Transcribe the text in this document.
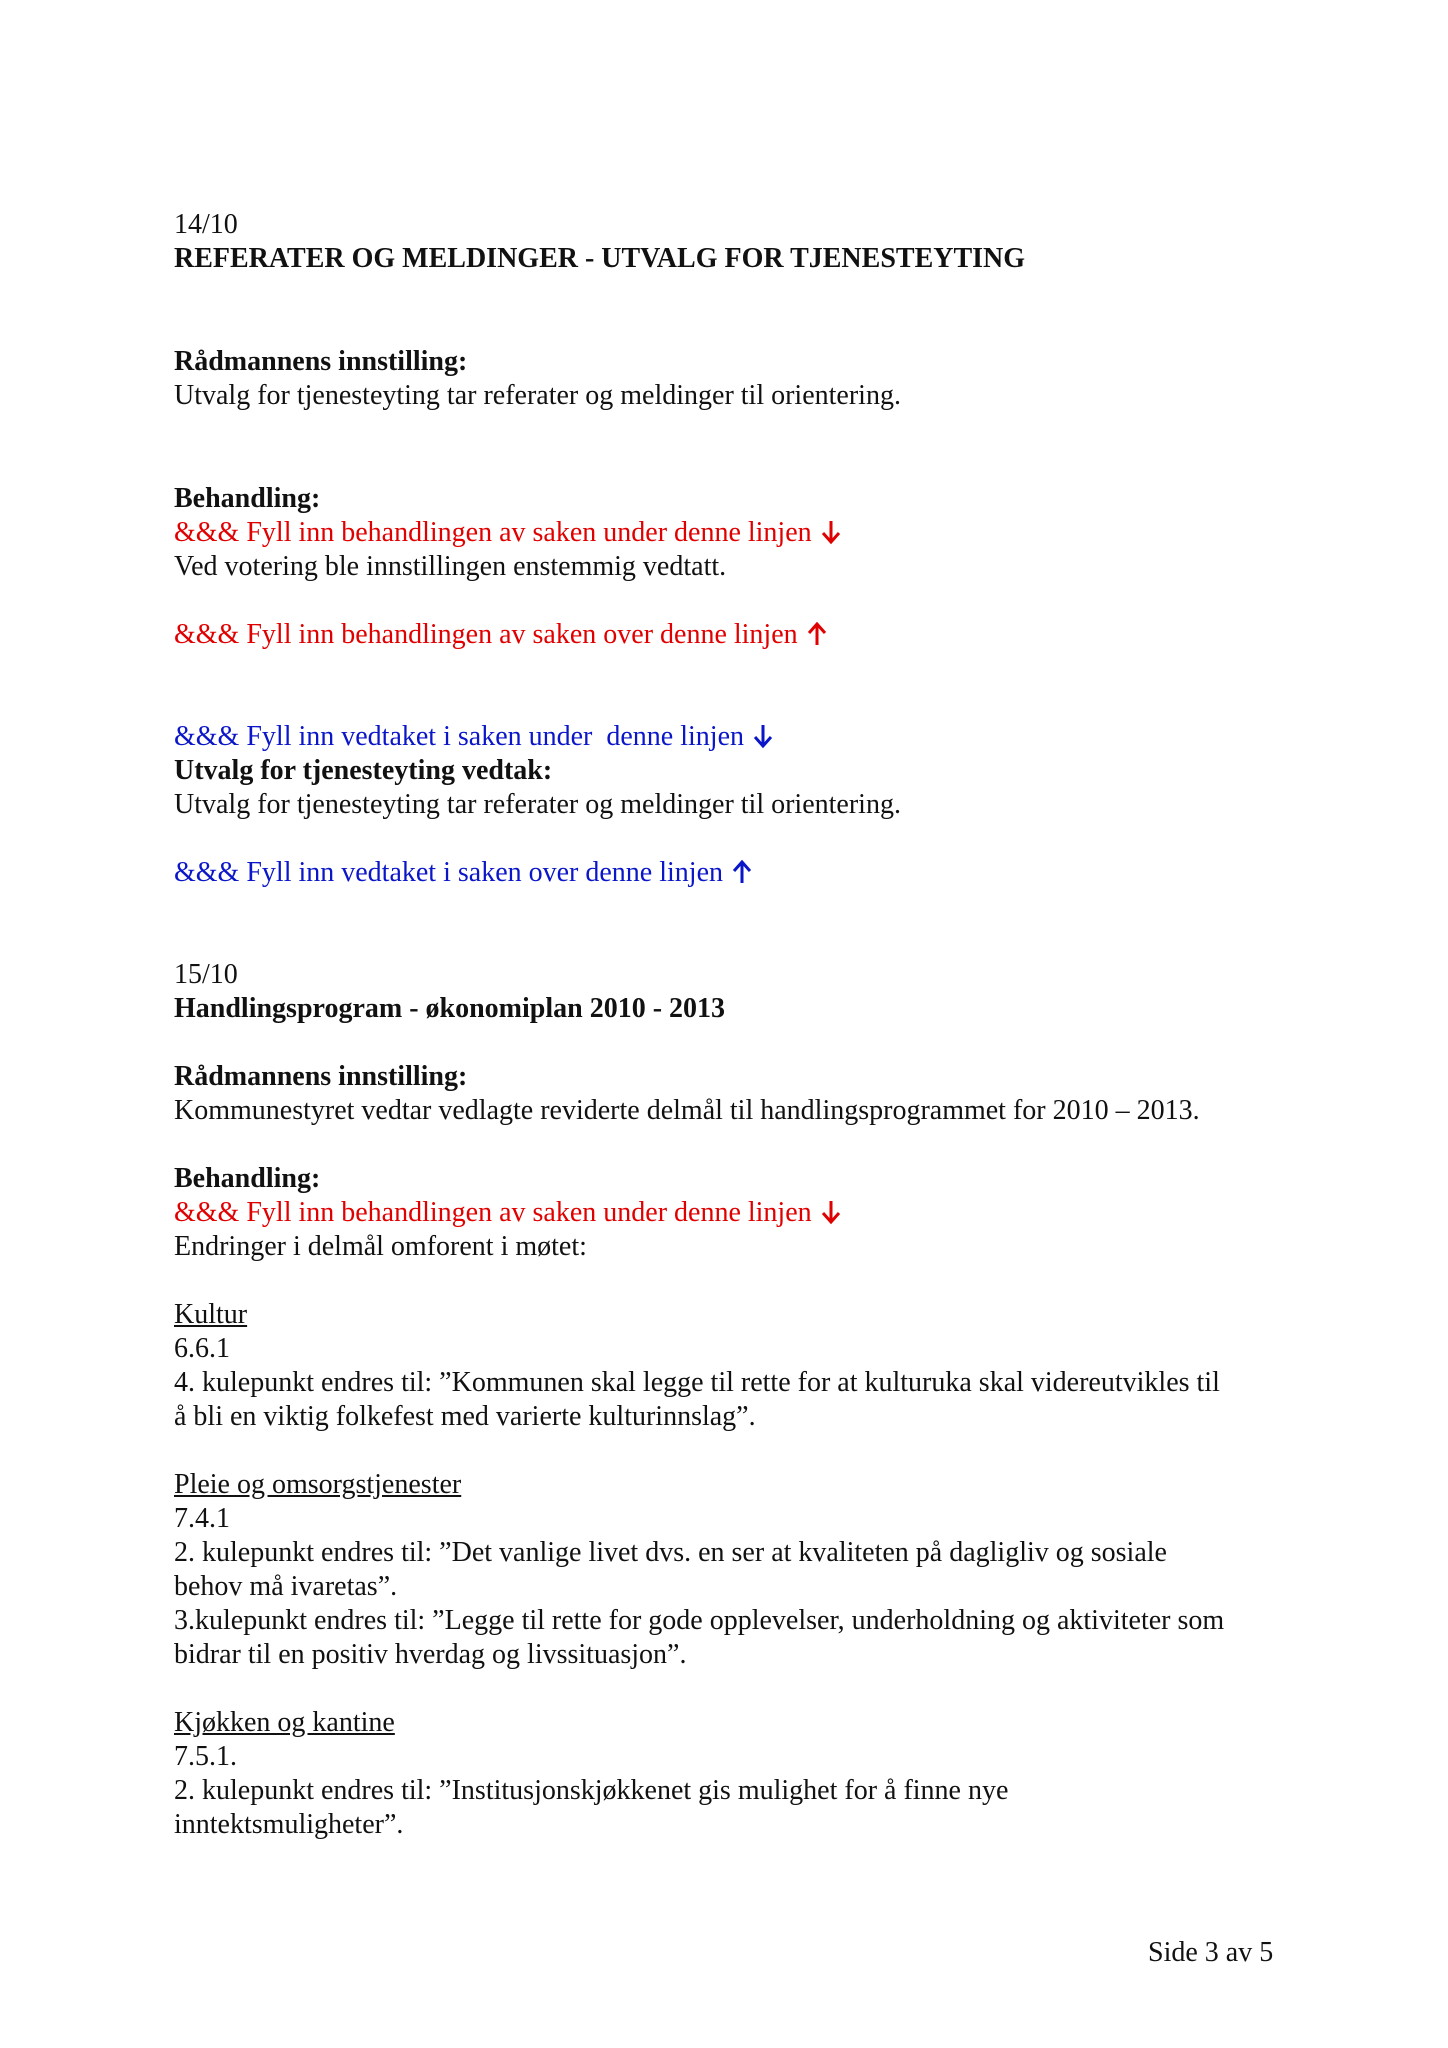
14/10
REFERATER OG MELDINGER - UTVALG FOR TJENESTEYTING
Rådmannens innstilling:
Utvalg for tjenesteyting tar referater og meldinger til orientering.
Behandling:
&&& Fyll inn behandlingen av saken under denne linjen
Ved votering ble innstillingen enstemmig vedtatt.
&&& Fyll inn behandlingen av saken over denne linjen
&&& Fyll inn vedtaket i saken under  denne linjen
Utvalg for tjenesteyting vedtak:
Utvalg for tjenesteyting tar referater og meldinger til orientering.
&&& Fyll inn vedtaket i saken over denne linjen
15/10
Handlingsprogram - økonomiplan 2010 - 2013
Rådmannens innstilling:
Kommunestyret vedtar vedlagte reviderte delmål til handlingsprogrammet for 2010 – 2013.
Behandling:
&&& Fyll inn behandlingen av saken under denne linjen
Endringer i delmål omforent i møtet:
Kultur
6.6.1
4. kulepunkt endres til: ”Kommunen skal legge til rette for at kulturuka skal videreutvikles til
å bli en viktig folkefest med varierte kulturinnslag”.
Pleie og omsorgstjenester
7.4.1
2. kulepunkt endres til: ”Det vanlige livet dvs. en ser at kvaliteten på dagligliv og sosiale
behov må ivaretas”.
3.kulepunkt endres til: ”Legge til rette for gode opplevelser, underholdning og aktiviteter som
bidrar til en positiv hverdag og livssituasjon”.
Kjøkken og kantine
7.5.1.
2. kulepunkt endres til: ”Institusjonskjøkkenet gis mulighet for å finne nye
inntektsmuligheter”.
Side 3 av 5
